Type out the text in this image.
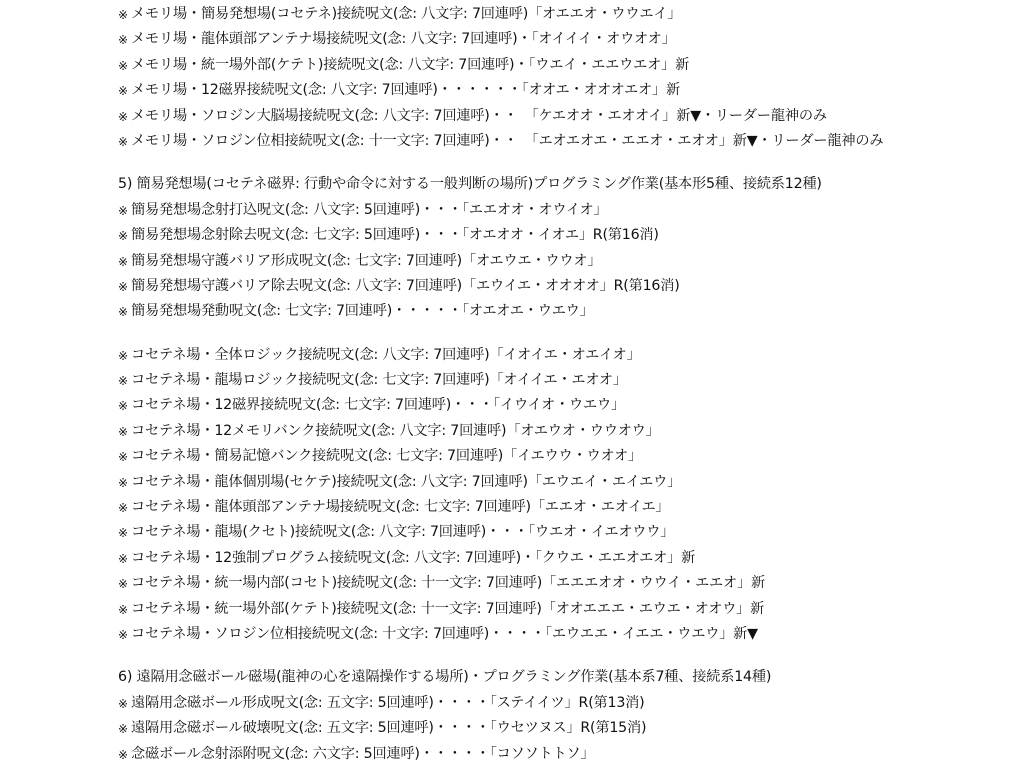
※ メモリ場・簡易発想場(コセテネ)接続呪文(念: 八文字: 7回連呼)「オエエオ・ウウエイ」
※ メモリ場・龍体頭部アンテナ場接続呪文(念: 八文字: 7回連呼)・「オイイイ・オウオオ」
※ メモリ場・統一場外部(ケテト)接続呪文(念: 八文字: 7回連呼)・「ウエイ・エエウエオ」新
※ メモリ場・12磁界接続呪文(念: 八文字: 7回連呼)・・・・・・「オオエ・オオオエオ」新
※ メモリ場・ソロジン大脳場接続呪文(念: 八文字: 7回連呼)・・　「ケエオオ・エオオイ」新▼・リーダー龍神のみ
※ メモリ場・ソロジン位相接続呪文(念: 十一文字: 7回連呼)・・　「エオエオエ・エエオ・エオオ」新▼・リーダー龍神のみ
5) 簡易発想場(コセテネ磁界: 行動や命令に対する一般判断の場所)プログラミング作業(基本形5種、接続系12種)
※ 簡易発想場念射打込呪文(念: 八文字: 5回連呼)・・・「エエオオ・オウイオ」
※ 簡易発想場念射除去呪文(念: 七文字: 5回連呼)・・・「オエオオ・イオエ」R(第16消)
※ 簡易発想場守護バリア形成呪文(念: 七文字: 7回連呼)「オエウエ・ウウオ」
※ 簡易発想場守護バリア除去呪文(念: 八文字: 7回連呼)「エウイエ・オオオオ」R(第16消)
※ 簡易発想場発動呪文(念: 七文字: 7回連呼)・・・・・「オエオエ・ウエウ」
※ コセテネ場・全体ロジック接続呪文(念: 八文字: 7回連呼)「イオイエ・オエイオ」
※ コセテネ場・龍場ロジック接続呪文(念: 七文字: 7回連呼)「オイイエ・エオオ」
※ コセテネ場・12磁界接続呪文(念: 七文字: 7回連呼)・・・「イウイオ・ウエウ」
※ コセテネ場・12メモリバンク接続呪文(念: 八文字: 7回連呼)「オエウオ・ウウオウ」
※ コセテネ場・簡易記憶バンク接続呪文(念: 七文字: 7回連呼)「イエウウ・ウオオ」
※ コセテネ場・龍体個別場(セケテ)接続呪文(念: 八文字: 7回連呼)「エウエイ・エイエウ」
※ コセテネ場・龍体頭部アンテナ場接続呪文(念: 七文字: 7回連呼)「エエオ・エオイエ」
※ コセテネ場・龍場(クセト)接続呪文(念: 八文字: 7回連呼)・・・「ウエオ・イエオウウ」
※ コセテネ場・12強制プログラム接続呪文(念: 八文字: 7回連呼)・「クウエ・エエオエオ」新
※ コセテネ場・統一場内部(コセト)接続呪文(念: 十一文字: 7回連呼)「エエエオオ・ウウイ・エエオ」新
※ コセテネ場・統一場外部(ケテト)接続呪文(念: 十一文字: 7回連呼)「オオエエエ・エウエ・オオウ」新
※ コセテネ場・ソロジン位相接続呪文(念: 十文字: 7回連呼)・・・・「エウエエ・イエエ・ウエウ」新▼
6) 遠隔用念磁ボール磁場(龍神の心を遠隔操作する場所)・プログラミング作業(基本系7種、接続系14種)
※ 遠隔用念磁ボール形成呪文(念: 五文字: 5回連呼)・・・・「ステイイツ」R(第13消)
※ 遠隔用念磁ボール破壊呪文(念: 五文字: 5回連呼)・・・・「ウセツヌス」R(第15消)
※ 念磁ボール念射添附呪文(念: 六文字: 5回連呼)・・・・・「コソソトトソ」
